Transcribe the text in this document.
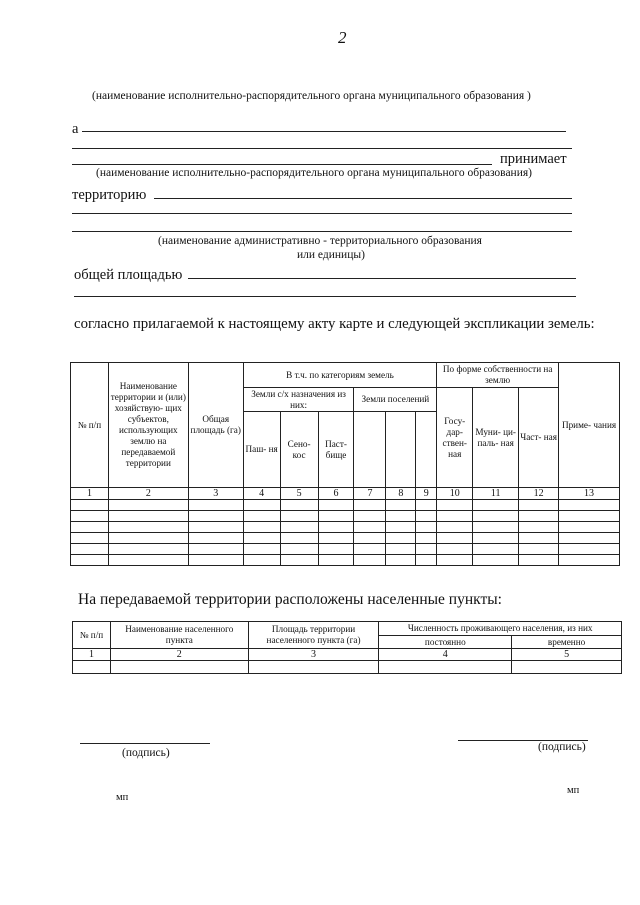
2
(наименование исполнительно-распорядительного органа муниципального образования )
а
принимает
(наименование исполнительно-распорядительного органа муниципального образования)
территорию
(наименование административно - территориального образования
или единицы)
общей площадью
согласно прилагаемой к настоящему акту карте и следующей экспликации земель:
№ п/п	Наименование территории и (или) хозяйствую- щих субъектов, использующих землю на передаваемой территории	Общая площадь (га)	В т.ч. по категориям земель						По форме собственности на землю			Приме- чания
			Земли с/х назначения из них:			Земли поселений			Госу- дар- ствен- ная	Муни- ци- паль- ная	Част- ная	
			Паш- ня	Сено- кос	Паст- бище							
1	2	3	4	5	6	7	8	9	10	11	12	13

На передаваемой территории расположены населенные пункты:
№ п/п	Наименование населенного пункта	Площадь территории населенного пункта (га)	Численность проживающего населения, из них	
			постоянно	временно
1	2	3	4	5

(подпись)	(подпись)
мп
мп
